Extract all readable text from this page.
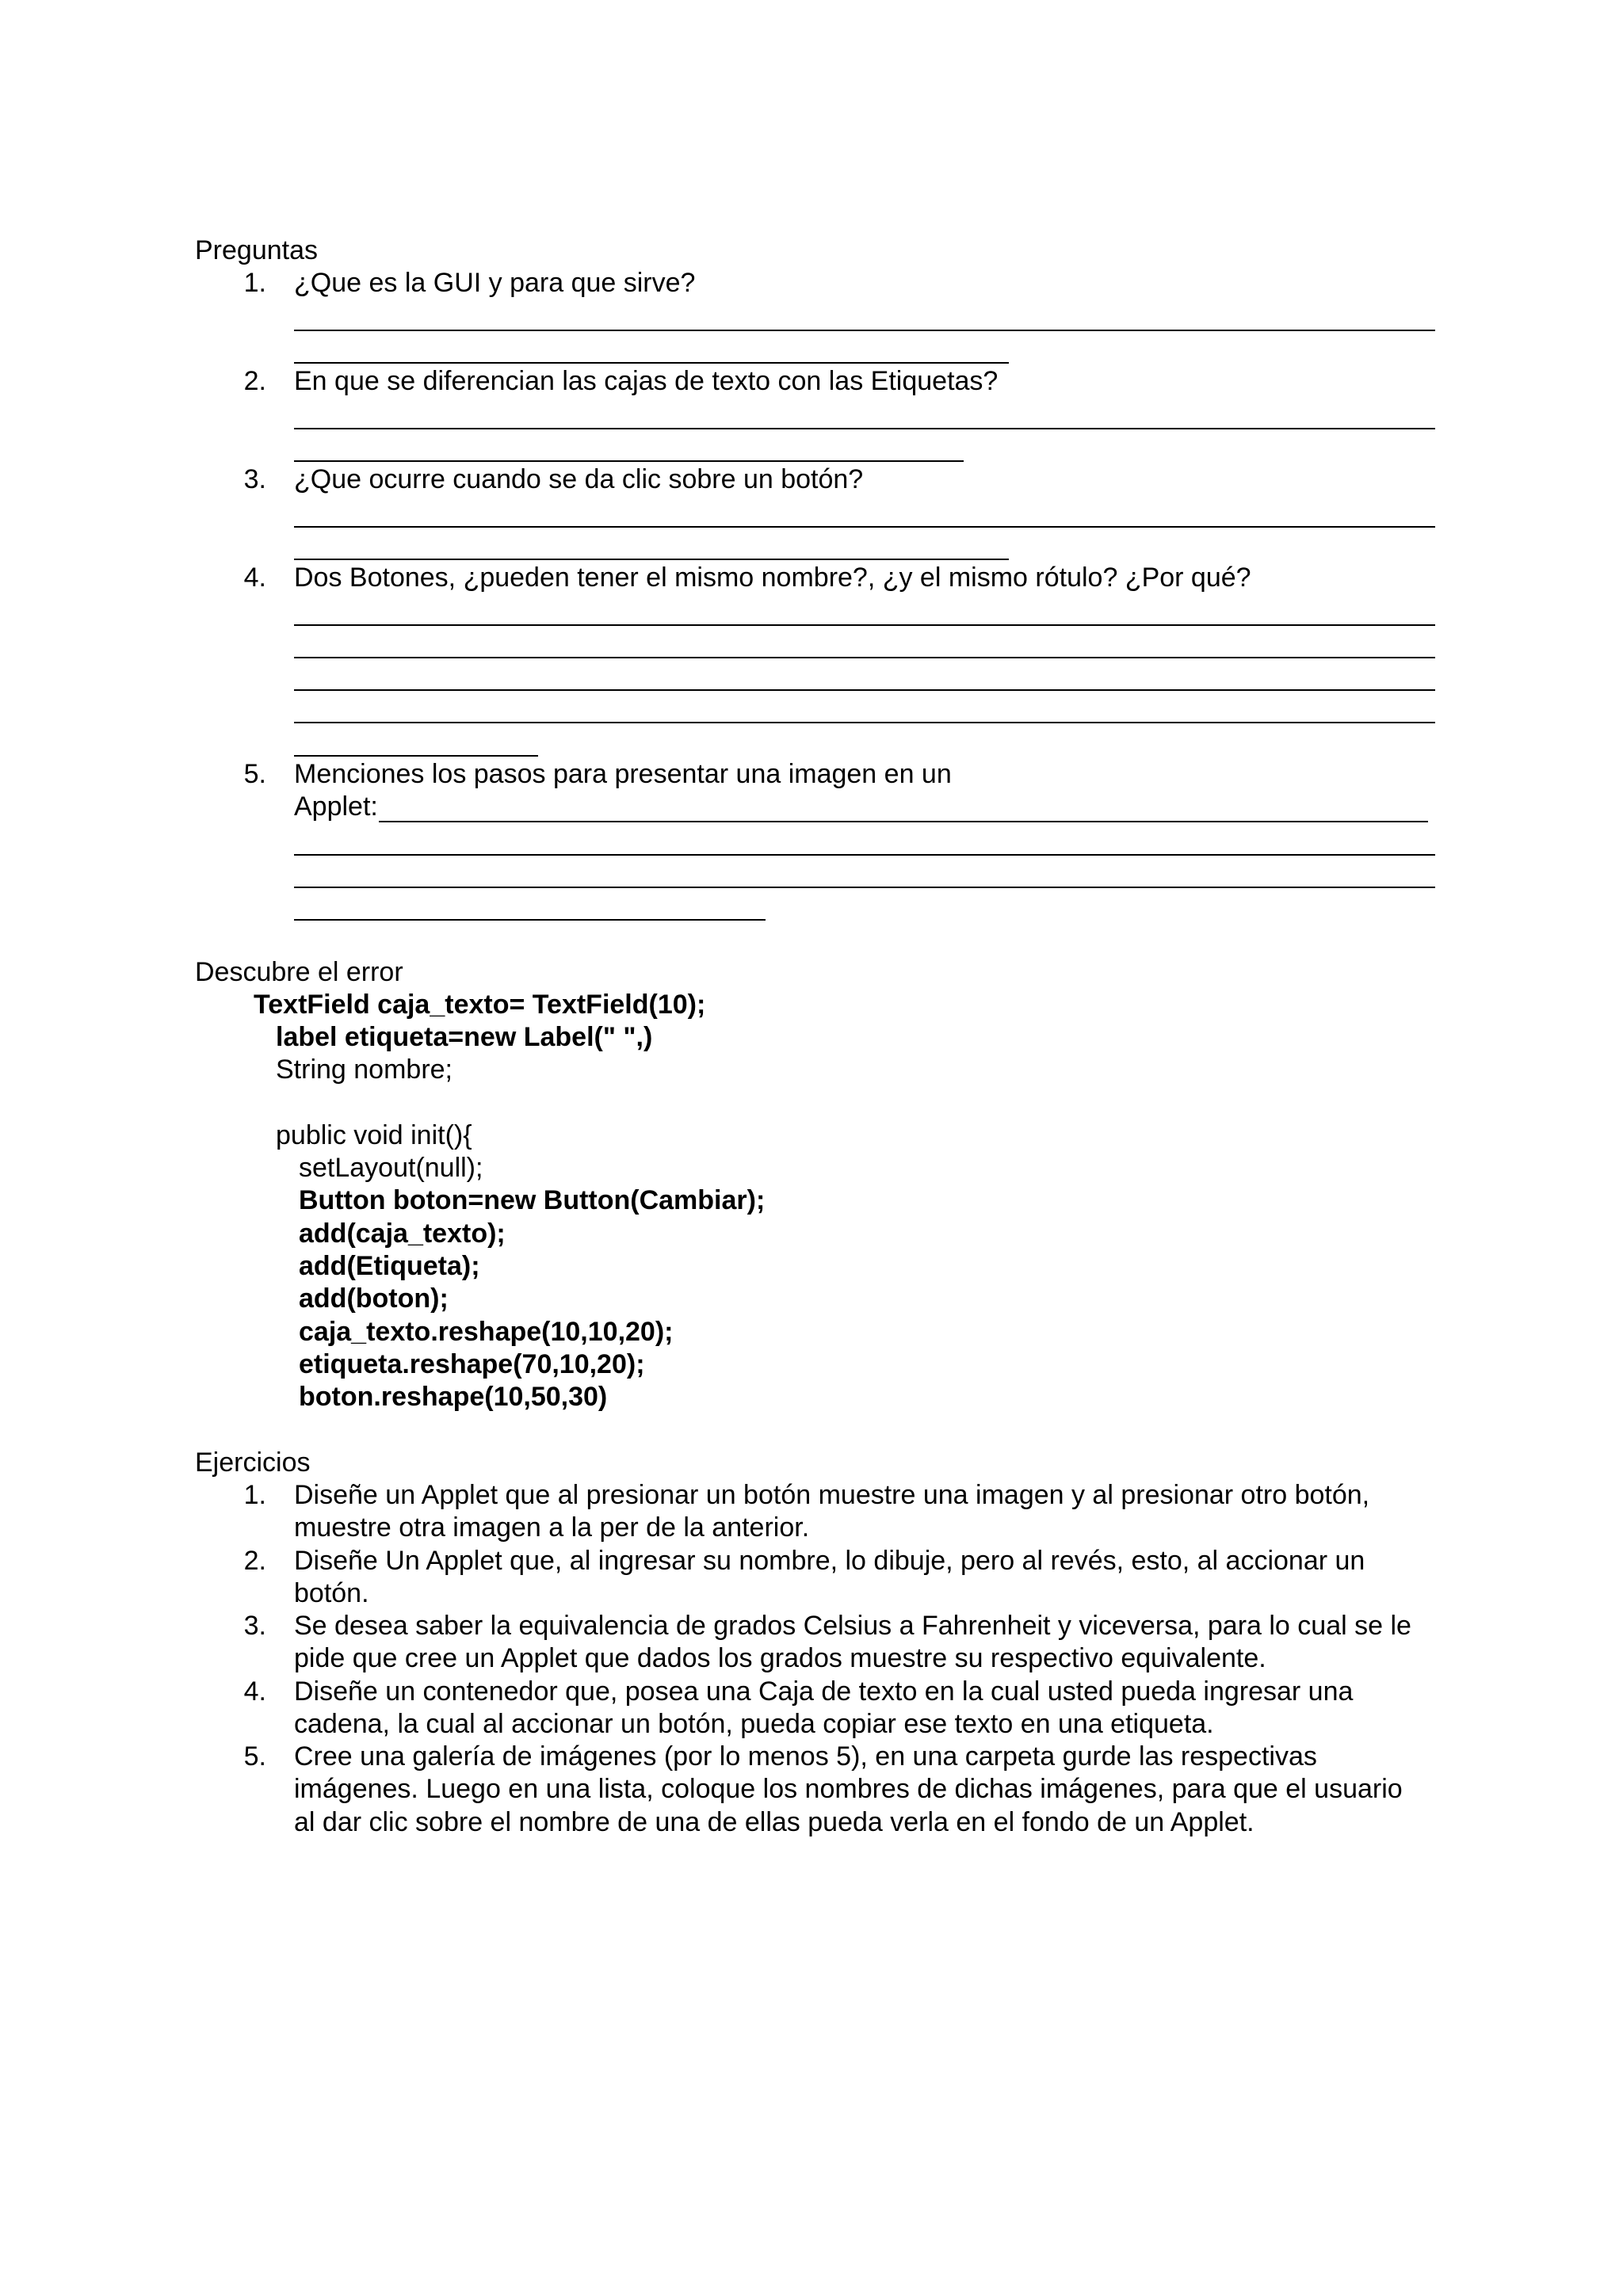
Preguntas
1. ¿Que es la GUI y para que sirve?
2. En que se diferencian las cajas de texto con las Etiquetas?
3. ¿Que ocurre cuando se da clic sobre un botón?
4. Dos Botones, ¿pueden tener el mismo nombre?, ¿y el mismo rótulo? ¿Por qué?
5. Menciones los pasos para presentar una imagen en un
Applet:
Descubre el error
TextField caja_texto= TextField(10);
label etiqueta=new Label(" ",)
String nombre;
public void init(){
setLayout(null);
Button boton=new Button(Cambiar);
add(caja_texto);
add(Etiqueta);
add(boton);
caja_texto.reshape(10,10,20);
etiqueta.reshape(70,10,20);
boton.reshape(10,50,30)
Ejercicios
1. Diseñe un Applet que al presionar un botón muestre una imagen y al presionar otro botón,
muestre otra imagen a la per de la anterior.
2. Diseñe Un Applet que, al ingresar su nombre, lo dibuje, pero al revés, esto, al accionar un
botón.
3. Se desea saber la equivalencia de grados Celsius a Fahrenheit y viceversa, para lo cual se le
pide que cree un Applet que dados los grados muestre su respectivo equivalente.
4. Diseñe un contenedor que, posea una Caja de texto en la cual usted pueda ingresar una
cadena, la cual al accionar un botón, pueda copiar ese texto en una etiqueta.
5. Cree una galería de imágenes (por lo menos 5), en una carpeta gurde las respectivas
imágenes. Luego en una lista, coloque los nombres de dichas imágenes, para que el usuario
al dar clic sobre el nombre de una de ellas pueda verla en el fondo de un Applet.
